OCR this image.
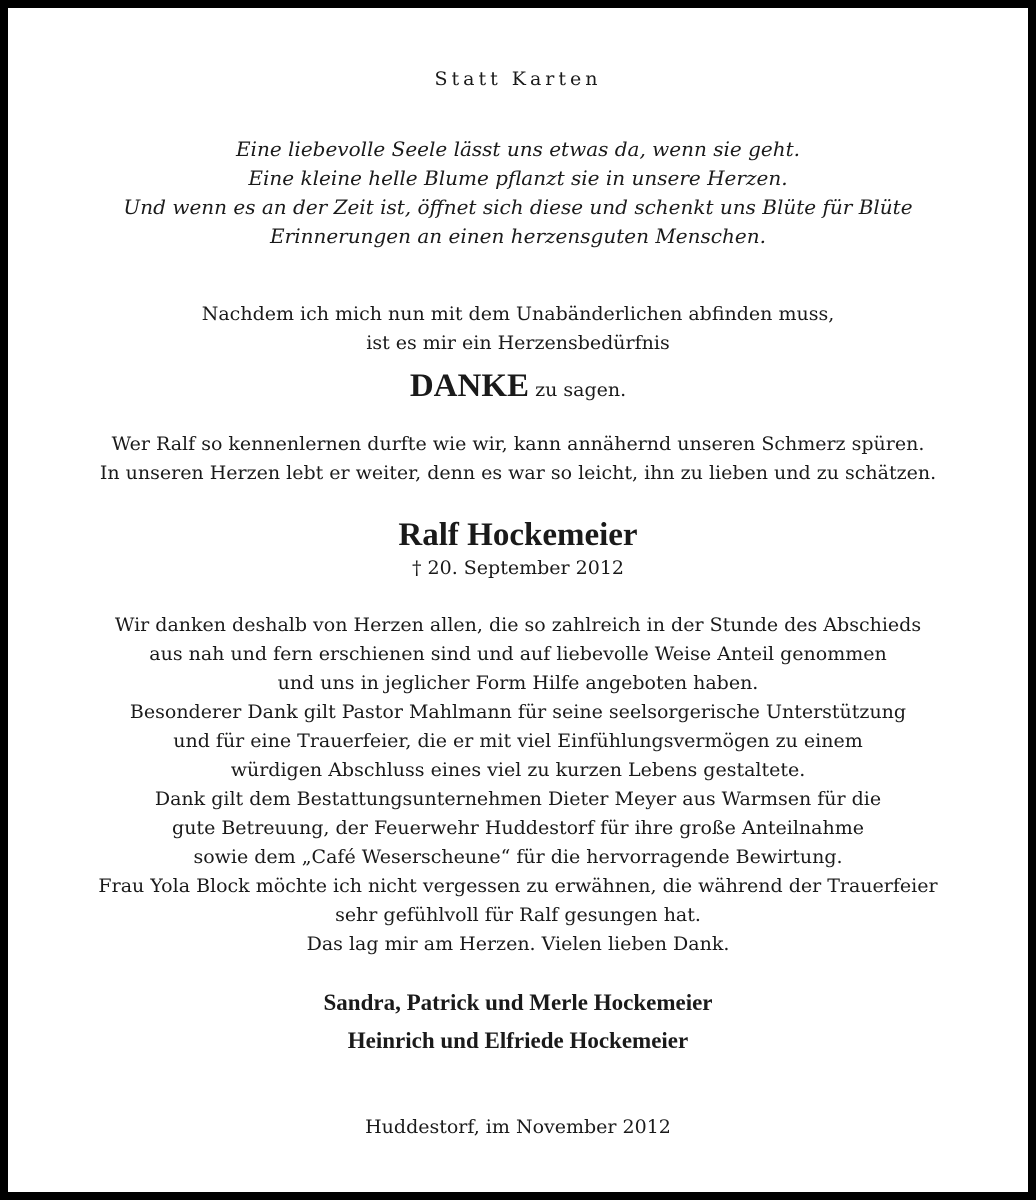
Statt Karten
Eine liebevolle Seele lässt uns etwas da, wenn sie geht.
Eine kleine helle Blume pflanzt sie in unsere Herzen.
Und wenn es an der Zeit ist, öffnet sich diese und schenkt uns Blüte für Blüte
Erinnerungen an einen herzensguten Menschen.
Nachdem ich mich nun mit dem Unabänderlichen abfinden muss,
ist es mir ein Herzensbedürfnis
DANKE zu sagen.
Wer Ralf so kennenlernen durfte wie wir, kann annähernd unseren Schmerz spüren.
In unseren Herzen lebt er weiter, denn es war so leicht, ihn zu lieben und zu schätzen.
Ralf Hockemeier
† 20. September 2012
Wir danken deshalb von Herzen allen, die so zahlreich in der Stunde des Abschieds
aus nah und fern erschienen sind und auf liebevolle Weise Anteil genommen
und uns in jeglicher Form Hilfe angeboten haben.
Besonderer Dank gilt Pastor Mahlmann für seine seelsorgerische Unterstützung
und für eine Trauerfeier, die er mit viel Einfühlungsvermögen zu einem
würdigen Abschluss eines viel zu kurzen Lebens gestaltete.
Dank gilt dem Bestattungsunternehmen Dieter Meyer aus Warmsen für die
gute Betreuung, der Feuerwehr Huddestorf für ihre große Anteilnahme
sowie dem „Café Weserscheune“ für die hervorragende Bewirtung.
Frau Yola Block möchte ich nicht vergessen zu erwähnen, die während der Trauerfeier
sehr gefühlvoll für Ralf gesungen hat.
Das lag mir am Herzen. Vielen lieben Dank.
Sandra, Patrick und Merle Hockemeier
Heinrich und Elfriede Hockemeier
Huddestorf, im November 2012
